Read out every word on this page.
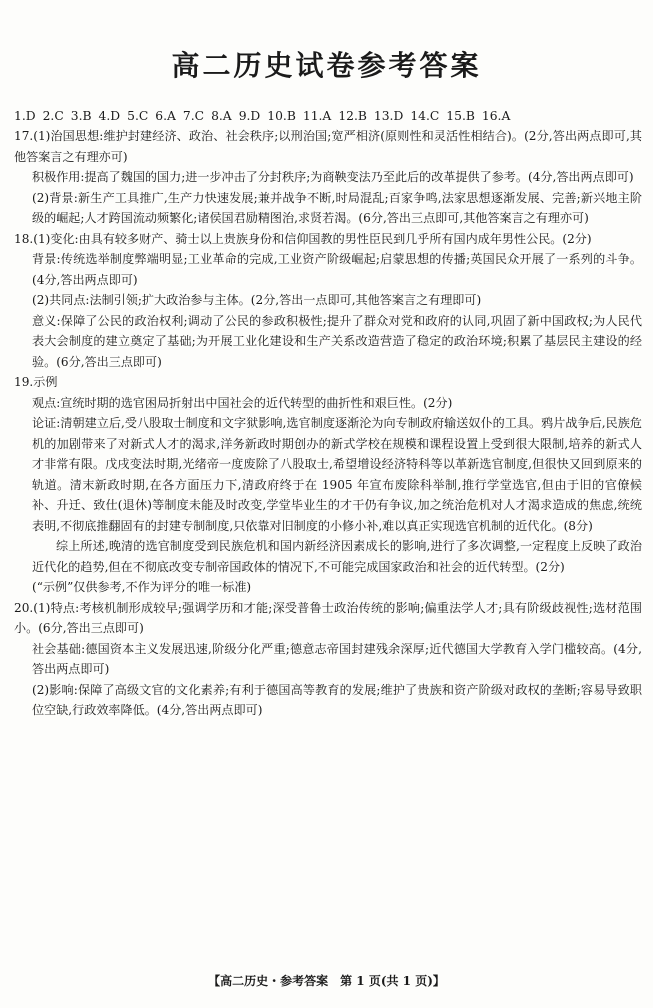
高二历史试卷参考答案
1.D 2.C 3.B 4.D 5.C 6.A 7.C 8.A 9.D 10.B 11.A 12.B 13.D 14.C 15.B 16.A

17.(1)治国思想:维护封建经济、政治、社会秩序;以刑治国;宽严相济(原则性和灵活性相结合)。(2分,答出两点即可,其他答案言之有理亦可)

积极作用:提高了魏国的国力;进一步冲击了分封秩序;为商鞅变法乃至此后的改革提供了参考。(4分,答出两点即可)

(2)背景:新生产工具推广,生产力快速发展;兼并战争不断,时局混乱;百家争鸣,法家思想逐渐发展、完善;新兴地主阶级的崛起;人才跨国流动频繁化;诸侯国君励精图治,求贤若渴。(6分,答出三点即可,其他答案言之有理亦可)

18.(1)变化:由具有较多财产、骑士以上贵族身份和信仰国教的男性臣民到几乎所有国内成年男性公民。(2分)

背景:传统选举制度弊端明显;工业革命的完成,工业资产阶级崛起;启蒙思想的传播;英国民众开展了一系列的斗争。(4分,答出两点即可)

(2)共同点:法制引领;扩大政治参与主体。(2分,答出一点即可,其他答案言之有理即可)

意义:保障了公民的政治权利;调动了公民的参政积极性;提升了群众对党和政府的认同,巩固了新中国政权;为人民代表大会制度的建立奠定了基础;为开展工业化建设和生产关系改造营造了稳定的政治环境;积累了基层民主建设的经验。(6分,答出三点即可)

19.示例

观点:宣统时期的选官困局折射出中国社会的近代转型的曲折性和艰巨性。(2分)

论证:清朝建立后,受八股取士制度和文字狱影响,选官制度逐渐沦为向专制政府输送奴仆的工具。鸦片战争后,民族危机的加剧带来了对新式人才的渴求,洋务新政时期创办的新式学校在规模和课程设置上受到很大限制,培养的新式人才非常有限。戊戌变法时期,光绪帝一度废除了八股取士,希望增设经济特科等以革新选官制度,但很快又回到原来的轨道。清末新政时期,在各方面压力下,清政府终于在 1905 年宣布废除科举制,推行学堂选官,但由于旧的官僚候补、升迁、致仕(退休)等制度未能及时改变,学堂毕业生的才干仍有争议,加之统治危机对人才渴求造成的焦虑,统统表明,不彻底推翻固有的封建专制制度,只依靠对旧制度的小修小补,难以真正实现选官机制的近代化。(8分)

综上所述,晚清的选官制度受到民族危机和国内新经济因素成长的影响,进行了多次调整,一定程度上反映了政治近代化的趋势,但在不彻底改变专制帝国政体的情况下,不可能完成国家政治和社会的近代转型。(2分)

(“示例”仅供参考,不作为评分的唯一标准)

20.(1)特点:考核机制形成较早;强调学历和才能;深受普鲁士政治传统的影响;偏重法学人才;具有阶级歧视性;选材范围小。(6分,答出三点即可)

社会基础:德国资本主义发展迅速,阶级分化严重;德意志帝国封建残余深厚;近代德国大学教育入学门槛较高。(4分,答出两点即可)

(2)影响:保障了高级文官的文化素养;有利于德国高等教育的发展;维护了贵族和资产阶级对政权的垄断;容易导致职位空缺,行政效率降低。(4分,答出两点即可)

【高二历史・参考答案　第 1 页(共 1 页)】
